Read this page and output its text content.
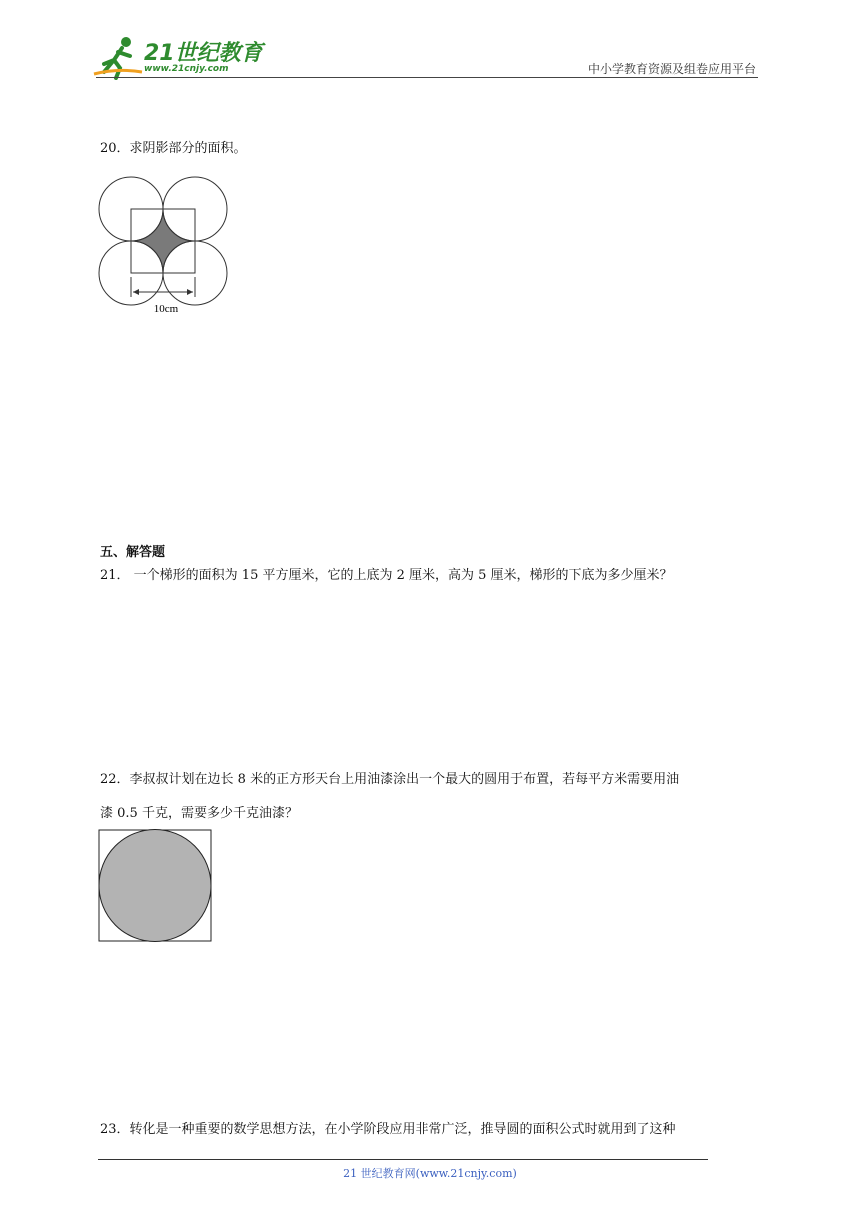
21世纪教育
www.21cnjy.com	中小学教育资源及组卷应用平台
20．求阴影部分的面积。
10cm
五、解答题
21． 一个梯形的面积为 15 平方厘米，它的上底为 2 厘米，高为 5 厘米，梯形的下底为多少厘米？
22．李叔叔计划在边长 8 米的正方形天台上用油漆涂出一个最大的圆用于布置，若每平方米需要用油
漆 0.5 千克，需要多少千克油漆？
23．转化是一种重要的数学思想方法，在小学阶段应用非常广泛，推导圆的面积公式时就用到了这种
21 世纪教育网(www.21cnjy.com)
